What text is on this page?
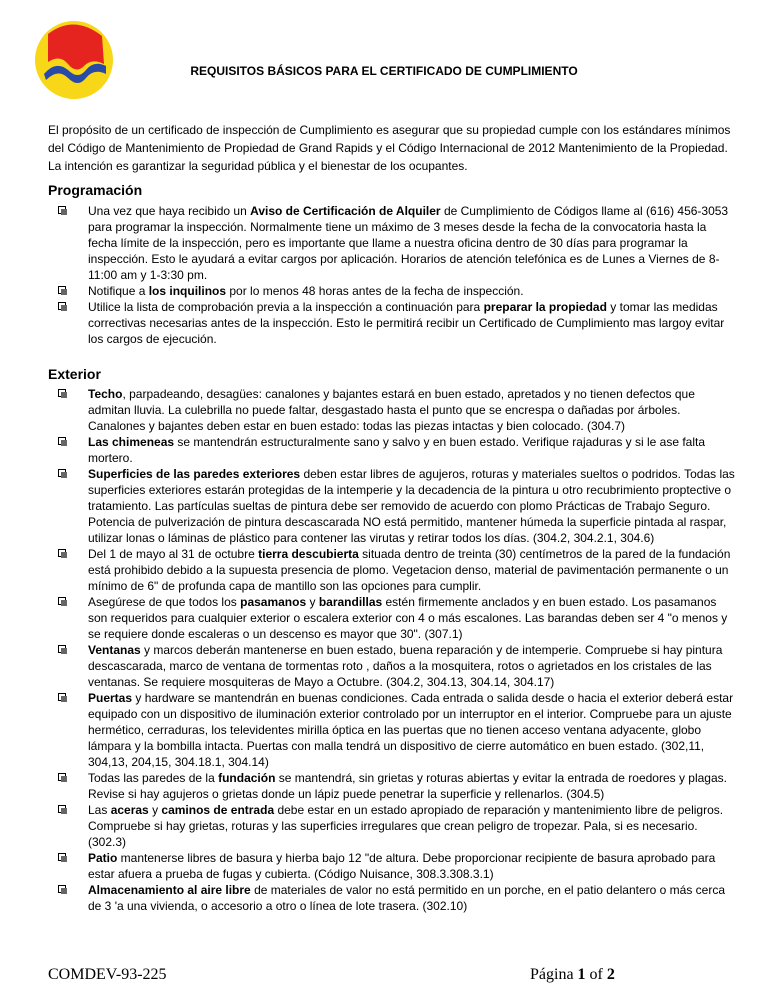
REQUISITOS BÁSICOS PARA EL CERTIFICADO DE CUMPLIMIENTO
El propósito de un certificado de inspección de Cumplimiento es asegurar que su propiedad cumple con los estándares mínimos del Código de Mantenimiento de Propiedad de Grand Rapids y el Código Internacional de 2012 Mantenimiento de la Propiedad. La intención es garantizar la seguridad pública y el bienestar de los ocupantes.
Programación
Una vez que haya recibido un Aviso de Certificación de Alquiler de Cumplimiento de Códigos llame al (616) 456-3053 para programar la inspección. Normalmente tiene un máximo de 3 meses desde la fecha de la convocatoria hasta la fecha límite de la inspección, pero es importante que llame a nuestra oficina dentro de 30 días para programar la inspección. Esto le ayudará a evitar cargos por aplicación. Horarios de atención telefónica es de Lunes a Viernes de 8-11:00 am y 1-3:30 pm.
Notifique a los inquilinos por lo menos 48 horas antes de la fecha de inspección.
Utilice la lista de comprobación previa a la inspección a continuación para preparar la propiedad y tomar las medidas correctivas necesarias antes de la inspección. Esto le permitirá recibir un Certificado de Cumplimiento mas largoy evitar los cargos de ejecución.
Exterior
Techo, parpadeando, desagües: canalones y bajantes estará en buen estado, apretados y no tienen defectos que admitan lluvia. La culebrilla no puede faltar, desgastado hasta el punto que se encrespa o dañadas por árboles. Canalones y bajantes deben estar en buen estado: todas las piezas intactas y bien colocado. (304.7)
Las chimeneas se mantendrán estructuralmente sano y salvo y en buen estado. Verifique rajaduras y si le ase falta mortero.
Superficies de las paredes exteriores deben estar libres de agujeros, roturas y materiales sueltos o podridos. Todas las superficies exteriores estarán protegidas de la intemperie y la decadencia de la pintura u otro recubrimiento proptective o tratamiento. Las partículas sueltas de pintura debe ser removido de acuerdo con plomo Prácticas de Trabajo Seguro. Potencia de pulverización de pintura descascarada NO está permitido, mantener húmeda la superficie pintada al raspar, utilizar lonas o láminas de plástico para contener las virutas y retirar todos los días. (304.2, 304.2.1, 304.6)
Del 1 de mayo al 31 de octubre tierra descubierta situada dentro de treinta (30) centímetros de la pared de la fundación está prohibido debido a la supuesta presencia de plomo. Vegetacion denso, material de pavimentación permanente o un mínimo de 6" de profunda capa de mantillo son las opciones para cumplir.
Asegúrese de que todos los pasamanos y barandillas estén firmemente anclados y en buen estado. Los pasamanos son requeridos para cualquier exterior o escalera exterior con 4 o más escalones. Las barandas deben ser 4 "o menos y se requiere donde escaleras o un descenso es mayor que 30". (307.1)
Ventanas y marcos deberán mantenerse en buen estado, buena reparación y de intemperie. Compruebe si hay pintura descascarada, marco de ventana de tormentas roto , daños a la mosquitera, rotos o agrietados en los cristales de las ventanas. Se requiere mosquiteras de Mayo a Octubre. (304.2, 304.13, 304.14, 304.17)
Puertas y hardware se mantendrán en buenas condiciones. Cada entrada o salida desde o hacia el exterior deberá estar equipado con un dispositivo de iluminación exterior controlado por un interruptor en el interior. Compruebe para un ajuste hermético, cerraduras, los televidentes mirilla óptica en las puertas que no tienen acceso ventana adyacente, globo lámpara y la bombilla intacta. Puertas con malla tendrá un dispositivo de cierre automático en buen estado. (302,11, 304,13, 204,15, 304.18.1, 304.14)
Todas las paredes de la fundación se mantendrá, sin grietas y roturas abiertas y evitar la entrada de roedores y plagas. Revise si hay agujeros o grietas donde un lápiz puede penetrar la superficie y rellenarlos. (304.5)
Las aceras y caminos de entrada debe estar en un estado apropiado de reparación y mantenimiento libre de peligros. Compruebe si hay grietas, roturas y las superficies irregulares que crean peligro de tropezar. Pala, si es necesario. (302.3)
Patio mantenerse libres de basura y hierba bajo 12 "de altura. Debe proporcionar recipiente de basura aprobado para estar afuera a prueba de fugas y cubierta. (Código Nuisance, 308.3.308.3.1)
Almacenamiento al aire libre de materiales de valor no está permitido en un porche, en el patio delantero o más cerca de 3 'a una vivienda, o accesorio a otro o línea de lote trasera. (302.10)
COMDEV-93-225	Página 1 of 2
